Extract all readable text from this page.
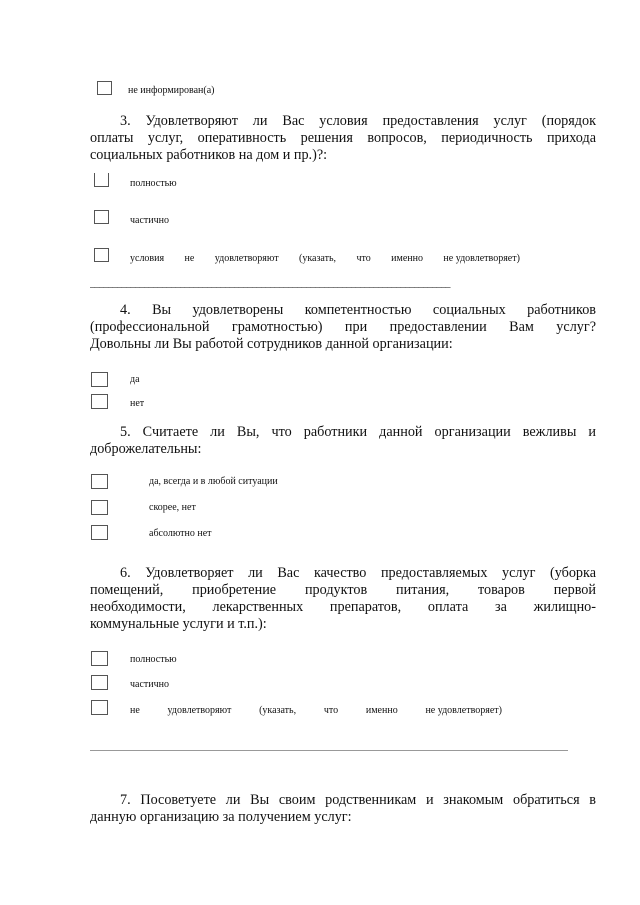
не информирован(а)
3. Удовлетворяют ли Вас условия предоставления услуг (порядок
оплаты услуг, оперативность решения вопросов, периодичность прихода
социальных работников на дом и пр.)?:
полностью
частично
условия не удовлетворяют (указать, что именно не удовлетворяет)
________________________________________________________________________________
4. Вы удовлетворены компетентностью социальных работников
(профессиональной грамотностью) при предоставлении Вам услуг?
Довольны ли Вы работой сотрудников данной организации:
да
нет
5. Считаете ли Вы, что работники данной организации вежливы и
доброжелательны:
да, всегда и в любой ситуации
скорее, нет
абсолютно нет
6. Удовлетворяет ли Вас качество предоставляемых услуг (уборка
помещений, приобретение продуктов питания, товаров первой
необходимости, лекарственных препаратов, оплата за жилищно-
коммунальные услуги и т.п.):
полностью
частично
не	удовлетворяют	(указать,	что	именно	не удовлетворяет)
7. Посоветуете ли Вы своим родственникам и знакомым обратиться в
данную организацию за получением услуг:
